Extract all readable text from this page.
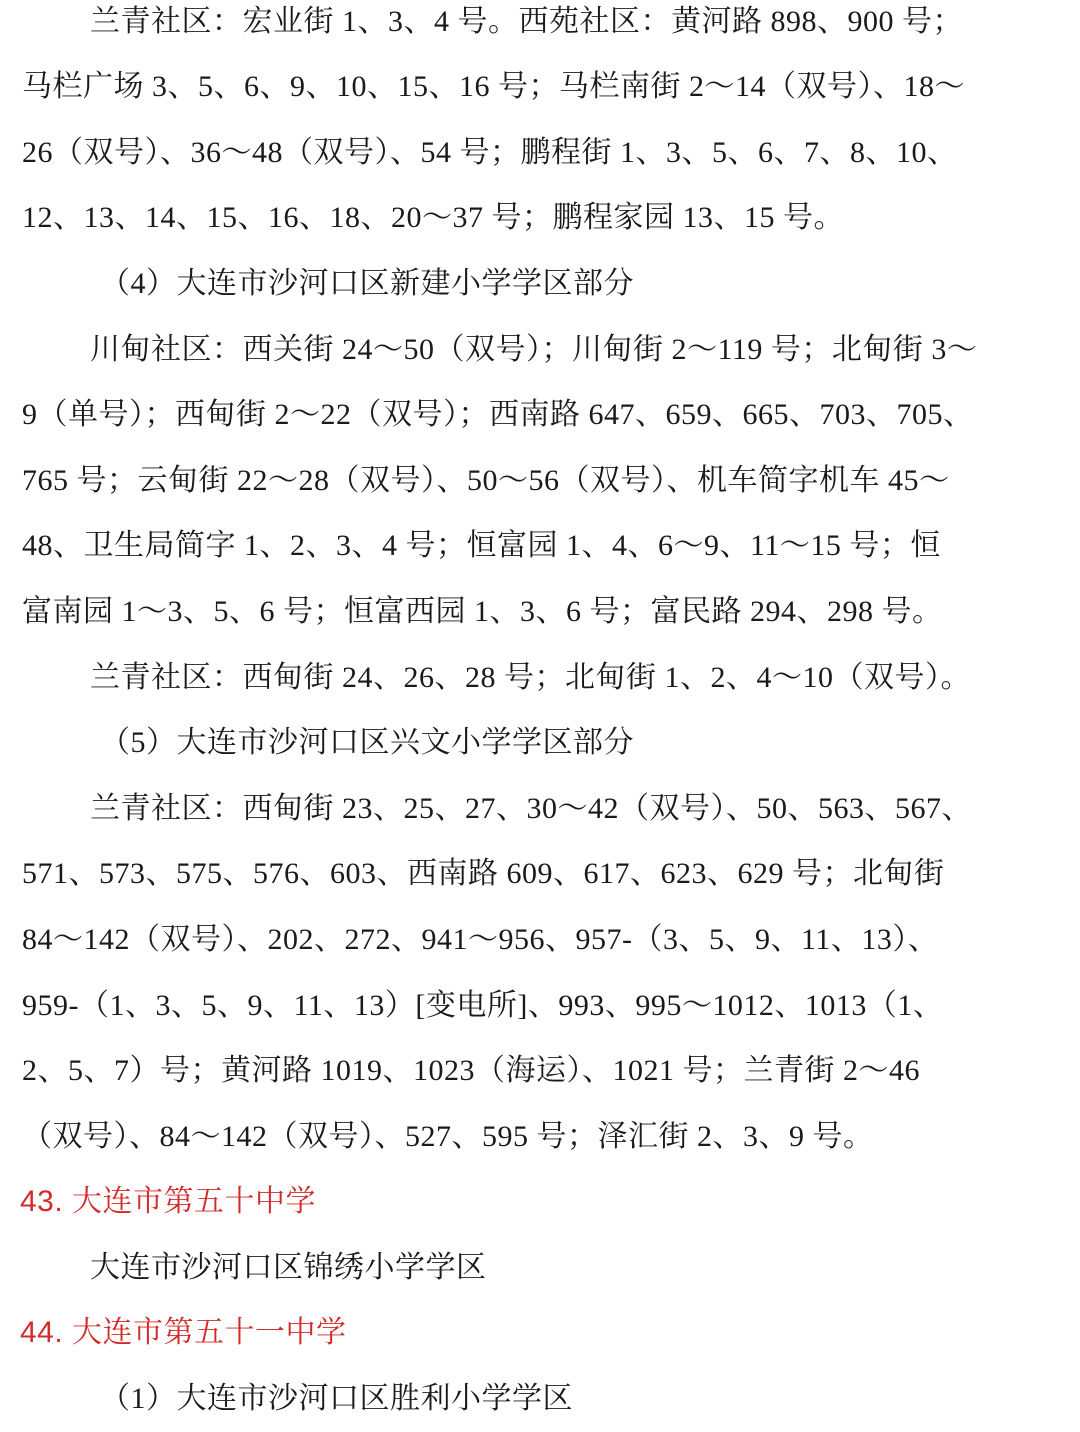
兰青社区：宏业街 1、3、4 号。西苑社区：黄河路 898、900 号；
马栏广场 3、5、6、9、10、15、16 号；马栏南街 2～14（双号）、18～
26（双号）、36～48（双号）、54 号；鹏程街 1、3、5、6、7、8、10、
12、13、14、15、16、18、20～37 号；鹏程家园 13、15 号。
（4）大连市沙河口区新建小学学区部分
川甸社区：西关街 24～50（双号）；川甸街 2～119 号；北甸街 3～
9（单号）；西甸街 2～22（双号）；西南路 647、659、665、703、705、
765 号；云甸街 22～28（双号）、50～56（双号）、机车简字机车 45～
48、卫生局简字 1、2、3、4 号；恒富园 1、4、6～9、11～15 号；恒
富南园 1～3、5、6 号；恒富西园 1、3、6 号；富民路 294、298 号。
兰青社区：西甸街 24、26、28 号；北甸街 1、2、4～10（双号）。
（5）大连市沙河口区兴文小学学区部分
兰青社区：西甸街 23、25、27、30～42（双号）、50、563、567、
571、573、575、576、603、西南路 609、617、623、629 号；北甸街
84～142（双号）、202、272、941～956、957-（3、5、9、11、13）、
959-（1、3、5、9、11、13）[变电所]、993、995～1012、1013（1、
2、5、7）号；黄河路 1019、1023（海运）、1021 号；兰青街 2～46
（双号）、84～142（双号）、527、595 号；泽汇街 2、3、9 号。
43. 大连市第五十中学
大连市沙河口区锦绣小学学区
44. 大连市第五十一中学
（1）大连市沙河口区胜利小学学区
